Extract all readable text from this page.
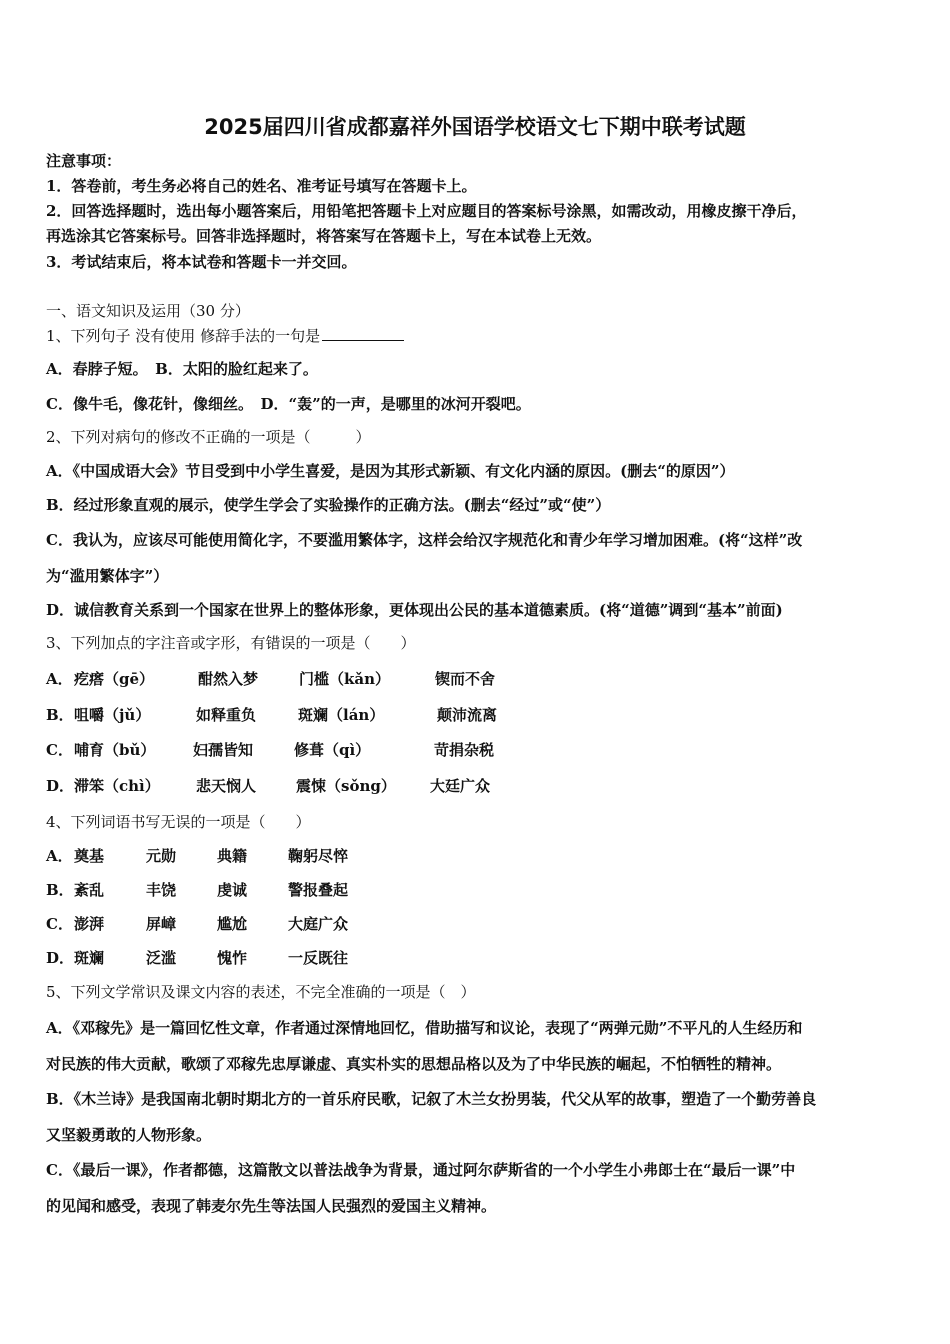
2025届四川省成都嘉祥外国语学校语文七下期中联考试题
注意事项：
1．答卷前，考生务必将自己的姓名、准考证号填写在答题卡上。
2．回答选择题时，选出每小题答案后，用铅笔把答题卡上对应题目的答案标号涂黑，如需改动，用橡皮擦干净后，
再选涂其它答案标号。回答非选择题时，将答案写在答题卡上，写在本试卷上无效。
3．考试结束后，将本试卷和答题卡一并交回。
一、语文知识及运用（30 分）
1、下列句子 没有使用 修辞手法的一句是
A．春脖子短。　B．太阳的脸红起来了。
C．像牛毛，像花针，像细丝。　D．“轰”的一声，是哪里的冰河开裂吧。
2、下列对病句的修改不正确的一项是（　　　）
A．《中国成语大会》节目受到中小学生喜爱，是因为其形式新颖、有文化内涵的原因。(删去“的原因”）
B．经过形象直观的展示，使学生学会了实验操作的正确方法。(删去“经过”或“使”）
C．我认为，应该尽可能使用简化字，不要滥用繁体字，这样会给汉字规范化和青少年学习增加困难。(将“这样”改
为“滥用繁体字”）
D．诚信教育关系到一个国家在世界上的整体形象，更体现出公民的基本道德素质。(将“道德”调到“基本”前面)
3、下列加点的字注音或字形，有错误的一项是（　　）
A． 疙瘩（gē）	酣然入梦	门槛（kǎn）	锲而不舍
B． 咀嚼（jǔ）	如释重负	斑斓（lán）	颠沛流离
C． 哺育（bǔ）	妇孺皆知	修葺（qì）	苛捐杂税
D． 滞笨（chì） 悲天悯人	震悚（sǒng） 大廷广众
4、下列词语书写无误的一项是（　　）
A． 奠基	元勋	典籍	鞠躬尽悴
B． 紊乱	丰饶	虔诚	警报叠起
C． 澎湃	屏嶂	尴尬	大庭广众
D． 斑斓	泛滥	愧怍	一反既往
5、下列文学常识及课文内容的表述，不完全准确的一项是（　）
A．《邓稼先》是一篇回忆性文章，作者通过深情地回忆，借助描写和议论，表现了“两弹元勋”不平凡的人生经历和
对民族的伟大贡献，歌颂了邓稼先忠厚谦虚、真实朴实的思想品格以及为了中华民族的崛起，不怕牺牲的精神。
B．《木兰诗》是我国南北朝时期北方的一首乐府民歌，记叙了木兰女扮男装，代父从军的故事，塑造了一个勤劳善良
又坚毅勇敢的人物形象。
C．《最后一课》，作者都德，这篇散文以普法战争为背景，通过阿尔萨斯省的一个小学生小弗郎士在“最后一课”中
的见闻和感受，表现了韩麦尔先生等法国人民强烈的爱国主义精神。
